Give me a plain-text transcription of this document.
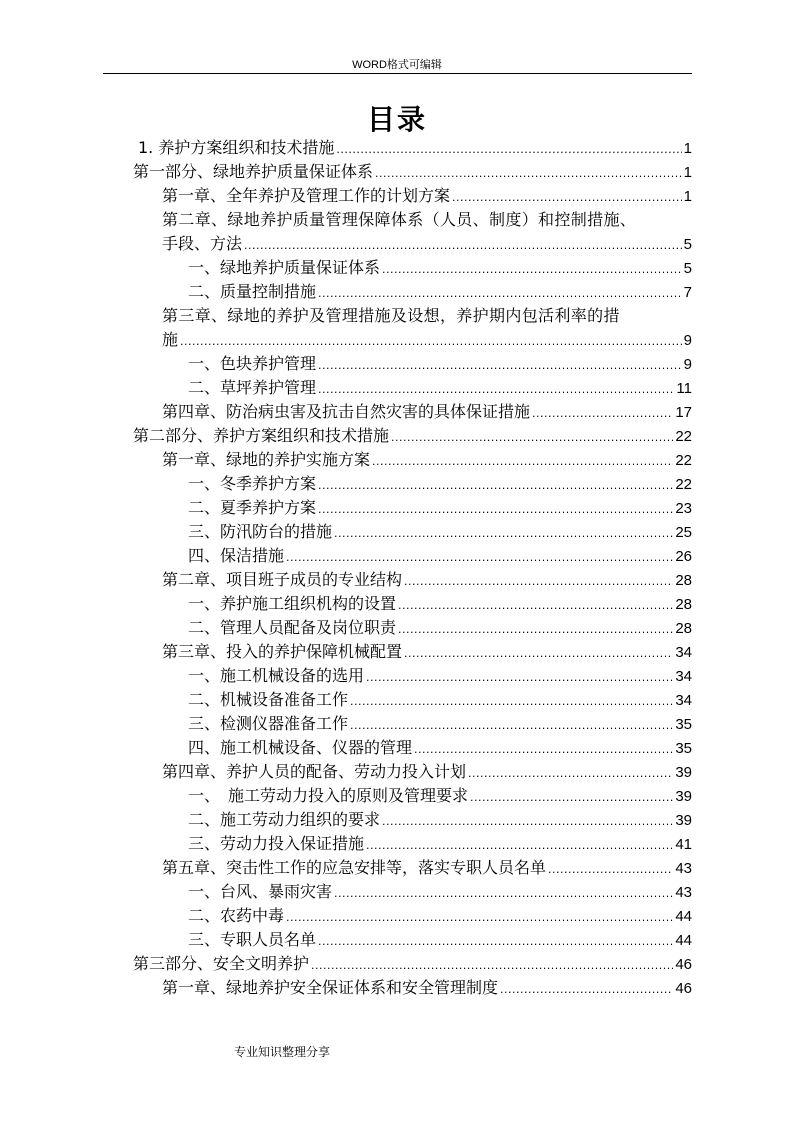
WORD格式可编辑
目录
1. 养护方案组织和技术措施 .....	1
第一部分、绿地养护质量保证体系 .....	1
第一章、全年养护及管理工作的计划方案 .....	1
第二章、绿地养护质量管理保障体系（人员、制度）和控制措施、
手段、方法 .....	5
一、绿地养护质量保证体系 .....	5
二、质量控制措施 .....	7
第三章、绿地的养护及管理措施及设想，养护期内包活利率的措
施 .....	9
一、色块养护管理 .....	9
二、草坪养护管理 .....	11
第四章、防治病虫害及抗击自然灾害的具体保证措施 .....	17
第二部分、养护方案组织和技术措施 .....	22
第一章、绿地的养护实施方案 .....	22
一、冬季养护方案 .....	22
二、夏季养护方案 .....	23
三、防汛防台的措施 .....	25
四、保洁措施 .....	26
第二章、项目班子成员的专业结构 .....	28
一、养护施工组织机构的设置 .....	28
二、管理人员配备及岗位职责 .....	28
第三章、投入的养护保障机械配置 .....	34
一、施工机械设备的选用 .....	34
二、机械设备准备工作 .....	34
三、检测仪器准备工作 .....	35
四、施工机械设备、仪器的管理 .....	35
第四章、养护人员的配备、劳动力投入计划 .....	39
一、　施工劳动力投入的原则及管理要求 .....	39
二、施工劳动力组织的要求 .....	39
三、劳动力投入保证措施 .....	41
第五章、突击性工作的应急安排等，落实专职人员名单 .....	43
一、台风、暴雨灾害 .....	43
二、农药中毒 .....	44
三、专职人员名单 .....	44
第三部分、安全文明养护 .....	46
第一章、绿地养护安全保证体系和安全管理制度 .....	46
专业知识整理分享
